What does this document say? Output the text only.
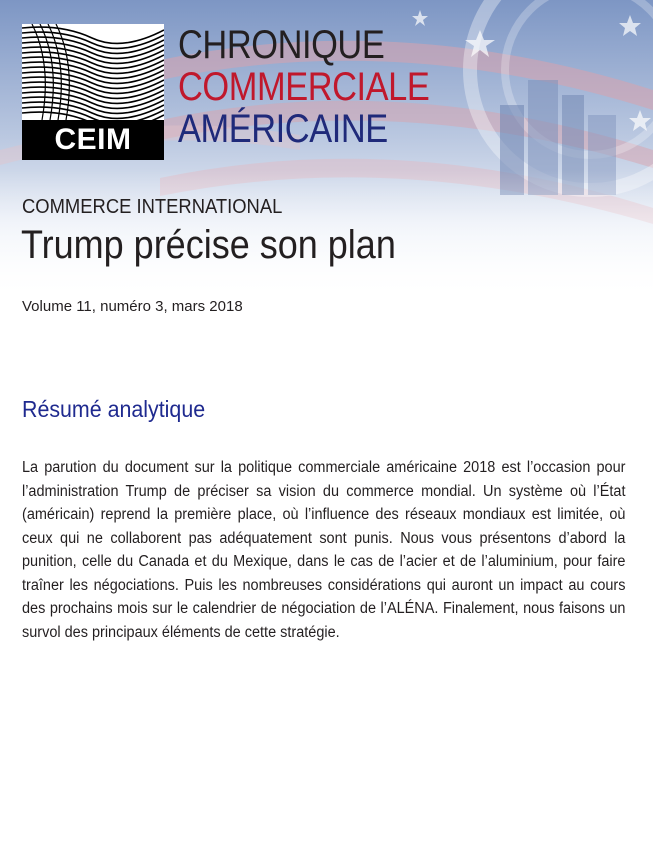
CEIM
CHRONIQUE
COMMERCIALE
AMÉRICAINE
COMMERCE INTERNATIONAL
Trump précise son plan
Volume 11, numéro 3, mars 2018
Résumé analytique
La parution du document sur la politique commerciale américaine 2018 est l’occasion pour l’administration Trump de préciser sa vision du commerce mondial. Un système où l’État (américain) reprend la première place, où l’influence des réseaux mondiaux est limitée, où ceux qui ne collaborent pas adéquatement sont punis. Nous vous présentons d’abord la punition, celle du Canada et du Mexique, dans le cas de l’acier et de l’aluminium, pour faire traîner les négociations. Puis les nombreuses considérations qui auront un impact au cours des prochains mois sur le calendrier de négociation de l’ALÉNA. Finalement, nous faisons un survol des principaux éléments de cette stratégie.
